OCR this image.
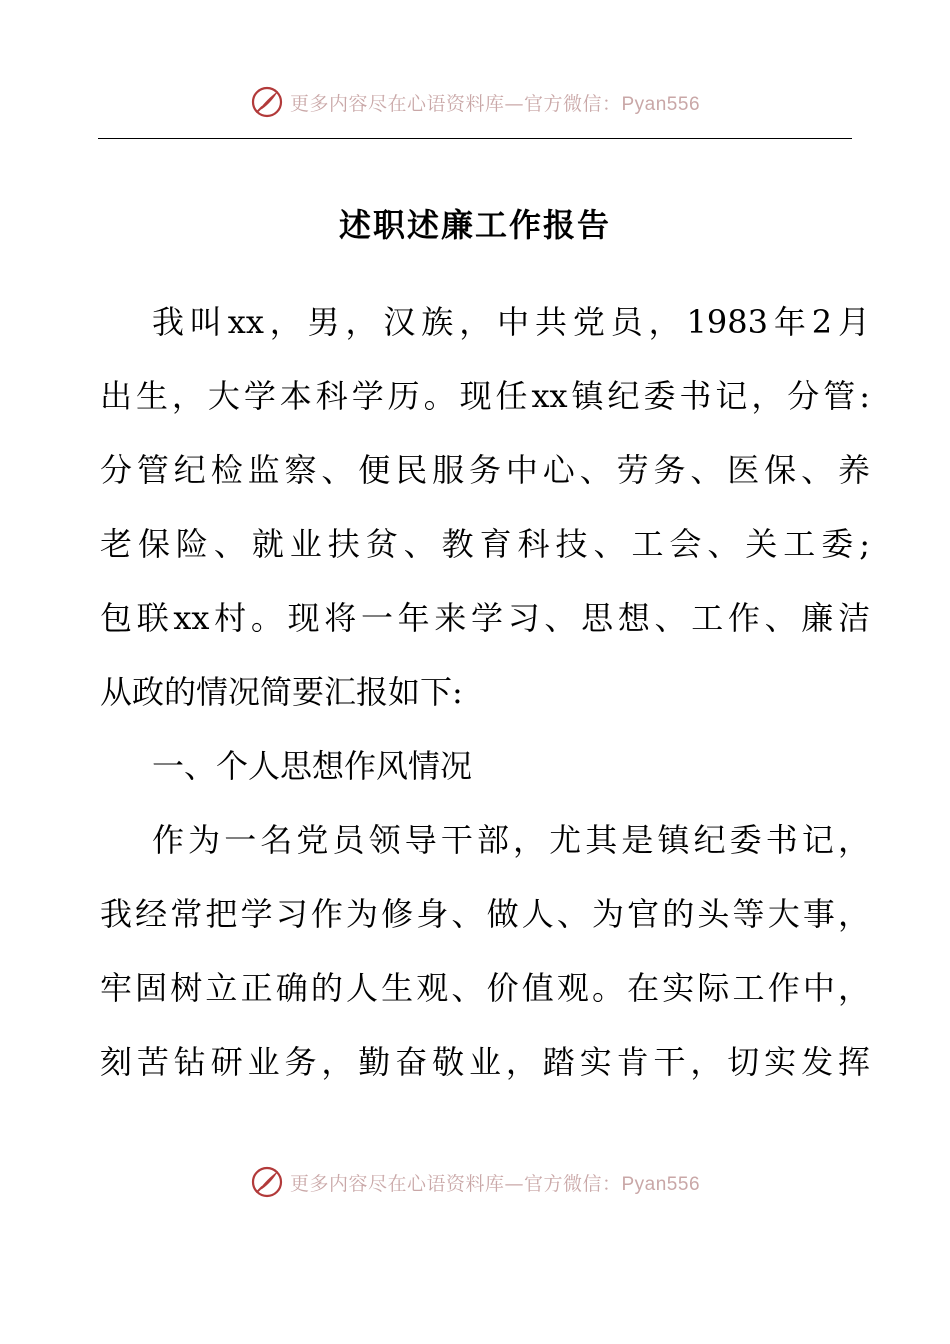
更多内容尽在心语资料库—官方微信：Pyan556
述职述廉工作报告
我叫xx，男，汉族，中共党员，1983年2月
出生，大学本科学历。现任xx镇纪委书记，分管:
分管纪检监察、便民服务中心、劳务、医保、养
老保险、就业扶贫、教育科技、工会、关工委;
包联xx村。现将一年来学习、思想、工作、廉洁
从政的情况简要汇报如下:
一、个人思想作风情况
作为一名党员领导干部，尤其是镇纪委书记，
我经常把学习作为修身、做人、为官的头等大事，
牢固树立正确的人生观、价值观。在实际工作中，
刻苦钻研业务，勤奋敬业，踏实肯干，切实发挥
更多内容尽在心语资料库—官方微信：Pyan556
